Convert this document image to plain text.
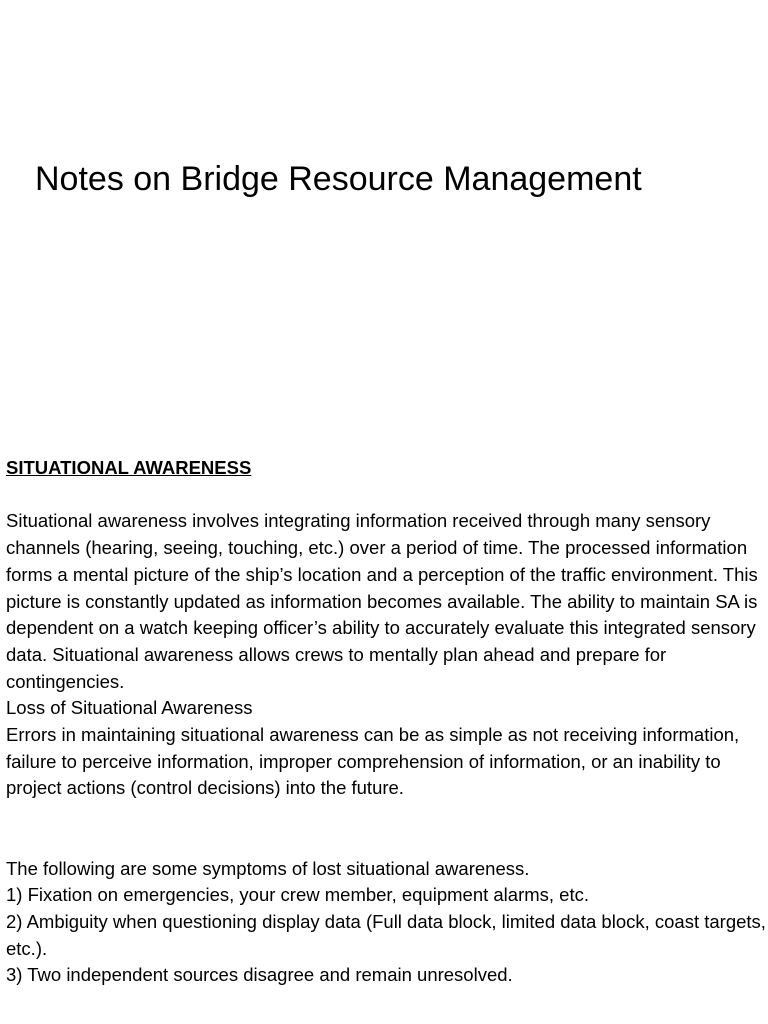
Notes on Bridge Resource Management

SITUATIONAL AWARENESS

Situational awareness involves integrating information received through many sensory channels (hearing, seeing, touching, etc.) over a period of time. The processed information forms a mental picture of the ship’s location and a perception of the traffic environment. This picture is constantly updated as information becomes available. The ability to maintain SA is dependent on a watch keeping officer’s ability to accurately evaluate this integrated sensory data. Situational awareness allows crews to mentally plan ahead and prepare for contingencies.

Loss of Situational Awareness

Errors in maintaining situational awareness can be as simple as not receiving information, failure to perceive information, improper comprehension of information, or an inability to project actions (control decisions) into the future.

The following are some symptoms of lost situational awareness.

1) Fixation on emergencies, your crew member, equipment alarms, etc.

2) Ambiguity when questioning display data (Full data block, limited data block, coast targets, etc.).

3) Two independent sources disagree and remain unresolved.
